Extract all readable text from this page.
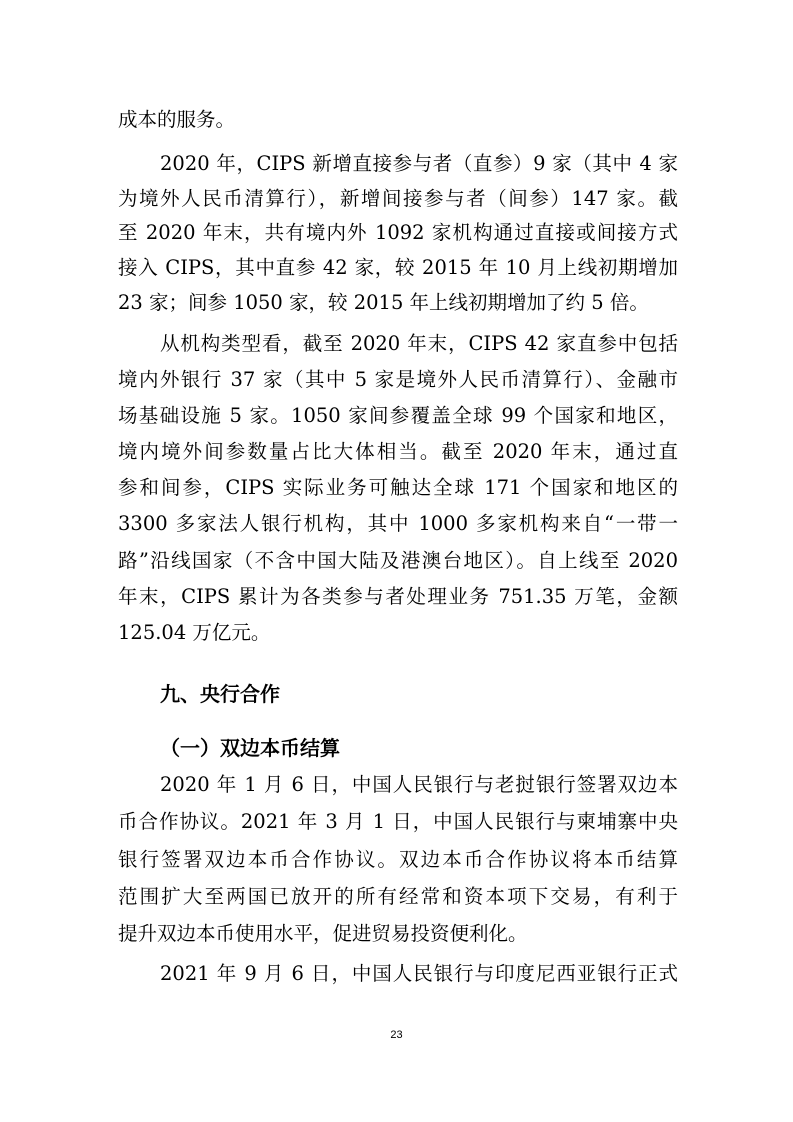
成本的服务。
2020 年，CIPS 新增直接参与者（直参）9 家（其中 4 家
为境外人民币清算行），新增间接参与者（间参）147 家。截
至 2020 年末，共有境内外 1092 家机构通过直接或间接方式
接入 CIPS，其中直参 42 家，较 2015 年 10 月上线初期增加
23 家；间参 1050 家，较 2015 年上线初期增加了约 5 倍。
从机构类型看，截至 2020 年末，CIPS 42 家直参中包括
境内外银行 37 家（其中 5 家是境外人民币清算行）、金融市
场基础设施 5 家。1050 家间参覆盖全球 99 个国家和地区，
境内境外间参数量占比大体相当。截至 2020 年末，通过直
参和间参，CIPS 实际业务可触达全球 171 个国家和地区的
3300 多家法人银行机构，其中 1000 多家机构来自“一带一
路”沿线国家（不含中国大陆及港澳台地区）。自上线至 2020
年末，CIPS 累计为各类参与者处理业务 751.35 万笔，金额
125.04 万亿元。
九、央行合作
（一）双边本币结算
2020 年 1 月 6 日，中国人民银行与老挝银行签署双边本
币合作协议。2021 年 3 月 1 日，中国人民银行与柬埔寨中央
银行签署双边本币合作协议。双边本币合作协议将本币结算
范围扩大至两国已放开的所有经常和资本项下交易，有利于
提升双边本币使用水平，促进贸易投资便利化。
2021 年 9 月 6 日，中国人民银行与印度尼西亚银行正式
23
